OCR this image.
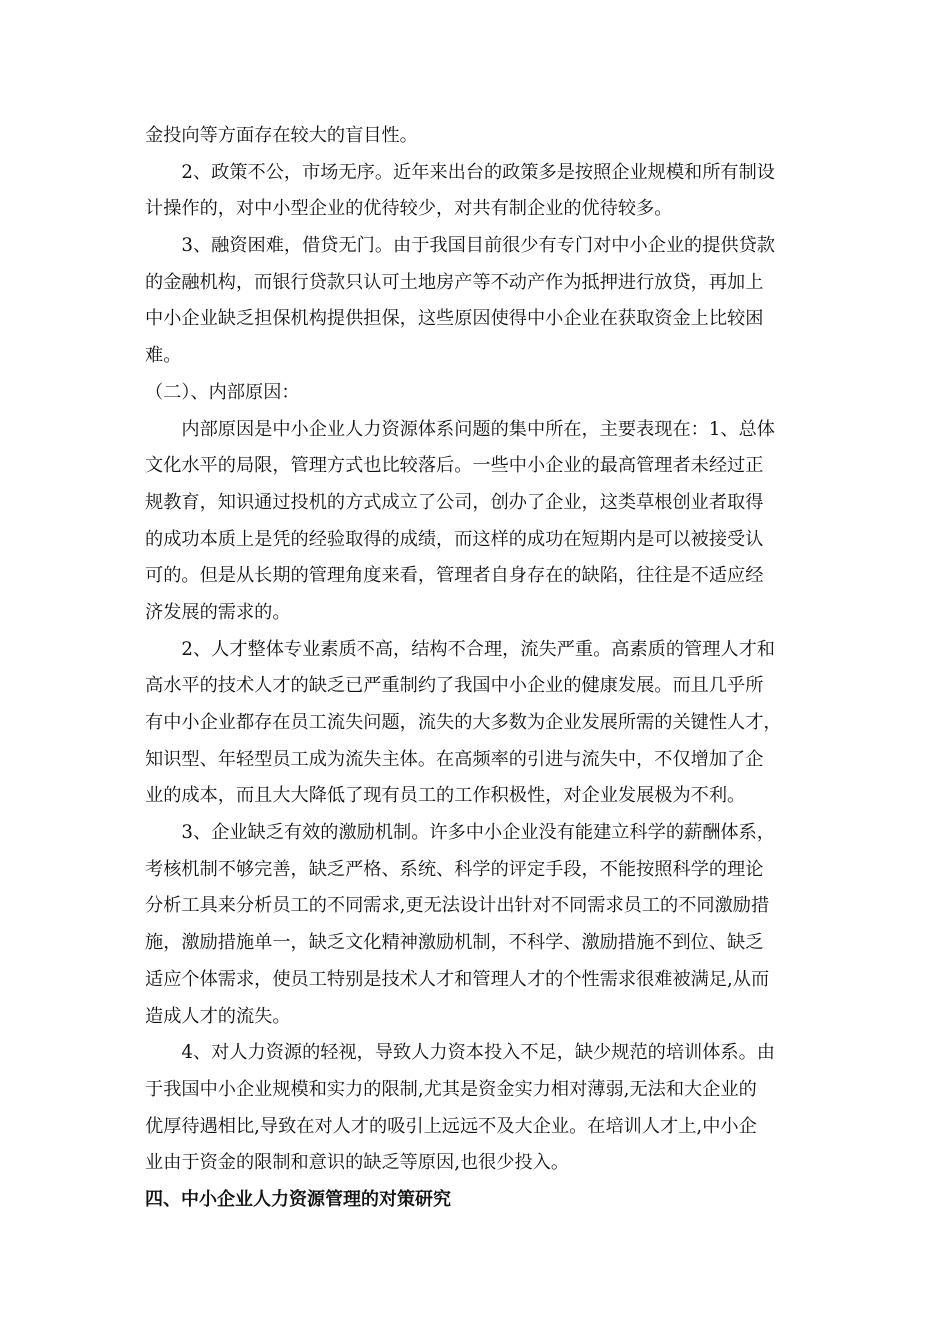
金投向等方面存在较大的盲目性。
　　2、政策不公，市场无序。近年来出台的政策多是按照企业规模和所有制设
计操作的，对中小型企业的优待较少，对共有制企业的优待较多。
　　3、融资困难，借贷无门。由于我国目前很少有专门对中小企业的提供贷款
的金融机构，而银行贷款只认可土地房产等不动产作为抵押进行放贷，再加上
中小企业缺乏担保机构提供担保，这些原因使得中小企业在获取资金上比较困
难。
（二）、内部原因：
　　内部原因是中小企业人力资源体系问题的集中所在，主要表现在：1、总体
文化水平的局限，管理方式也比较落后。一些中小企业的最高管理者未经过正
规教育，知识通过投机的方式成立了公司，创办了企业，这类草根创业者取得
的成功本质上是凭的经验取得的成绩，而这样的成功在短期内是可以被接受认
可的。但是从长期的管理角度来看，管理者自身存在的缺陷，往往是不适应经
济发展的需求的。
　　2、人才整体专业素质不高，结构不合理，流失严重。高素质的管理人才和
高水平的技术人才的缺乏已严重制约了我国中小企业的健康发展。而且几乎所
有中小企业都存在员工流失问题，流失的大多数为企业发展所需的关键性人才，
知识型、年轻型员工成为流失主体。在高频率的引进与流失中，不仅增加了企
业的成本，而且大大降低了现有员工的工作积极性，对企业发展极为不利。
　　3、企业缺乏有效的激励机制。许多中小企业没有能建立科学的薪酬体系，
考核机制不够完善，缺乏严格、系统、科学的评定手段，不能按照科学的理论
分析工具来分析员工的不同需求,更无法设计出针对不同需求员工的不同激励措
施，激励措施单一，缺乏文化精神激励机制，不科学、激励措施不到位、缺乏
适应个体需求，使员工特别是技术人才和管理人才的个性需求很难被满足,从而
造成人才的流失。
　　4、对人力资源的轻视，导致人力资本投入不足，缺少规范的培训体系。由
于我国中小企业规模和实力的限制,尤其是资金实力相对薄弱,无法和大企业的
优厚待遇相比,导致在对人才的吸引上远远不及大企业。在培训人才上,中小企
业由于资金的限制和意识的缺乏等原因,也很少投入。
四、中小企业人力资源管理的对策研究
